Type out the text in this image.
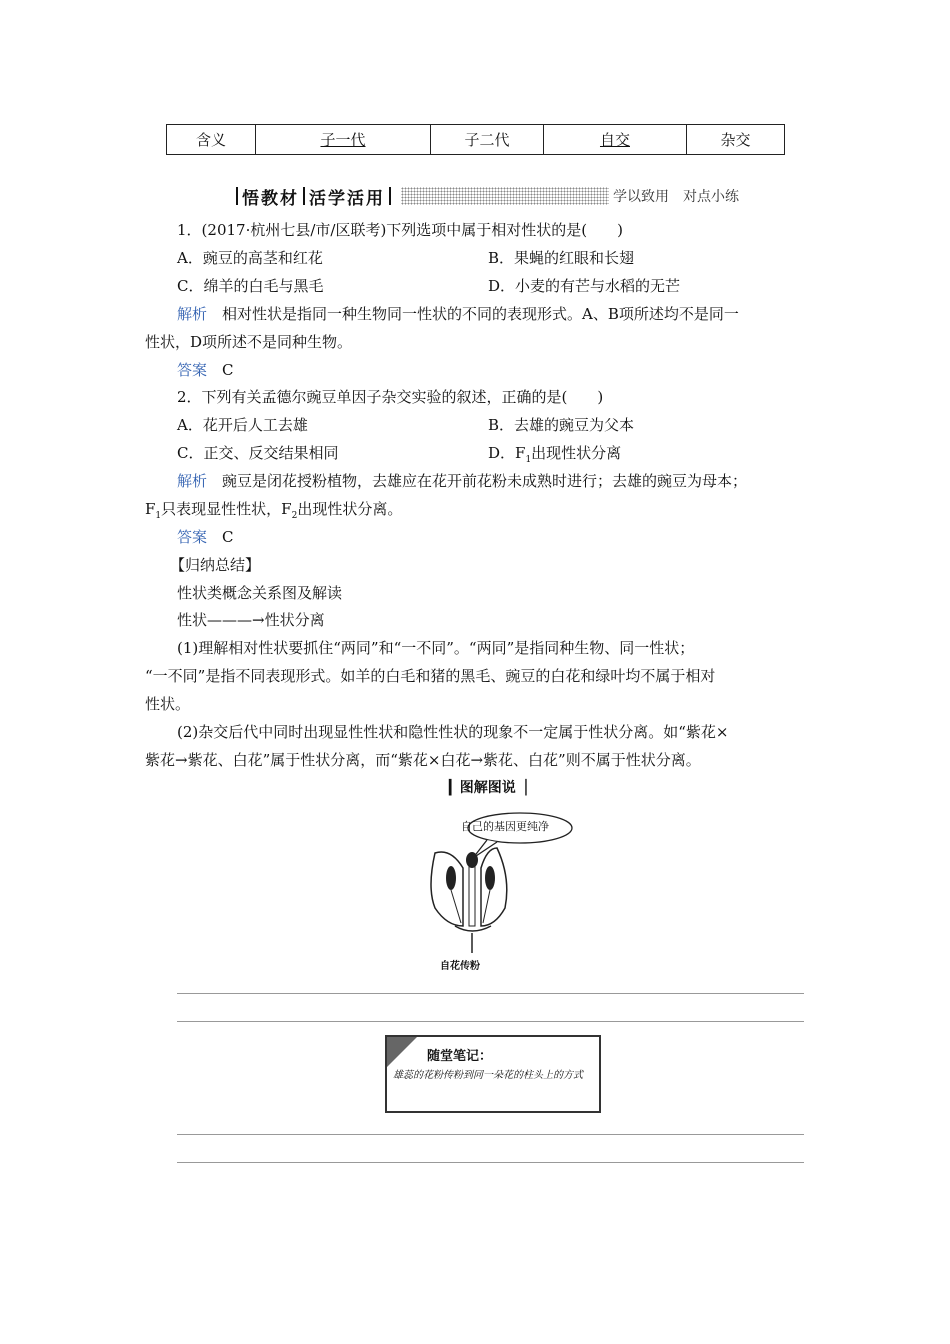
含义	子一代	子二代	自交	杂交
悟教材 活学活用	学以致用　对点小练
1．(2017·杭州七县/市/区联考)下列选项中属于相对性状的是(　　)
A．豌豆的高茎和红花	B．果蝇的红眼和长翅
C．绵羊的白毛与黑毛	D．小麦的有芒与水稻的无芒
解析　 相对性状是指同一种生物同一性状的不同的表现形式。A、B项所述均不是同一
性状，D项所述不是同种生物。
答案　 C
2．下列有关孟德尔豌豆单因子杂交实验的叙述，正确的是(　　)
A．花开后人工去雄	B．去雄的豌豆为父本
C．正交、反交结果相同	D．$F_1$出现性状分离
解析　 豌豆是闭花授粉植物，去雄应在花开前花粉未成熟时进行；去雄的豌豆为母本；
$F_1$只表现显性性状，$F_2$出现性状分离。
答案　 C
【归纳总结】
性状类概念关系图及解读
性状———→性状分离
(1)理解相对性状要抓住“两同”和“一不同”。“两同”是指同种生物、同一性状；
“一不同”是指不同表现形式。如羊的白毛和猪的黑毛、豌豆的白花和绿叶均不属于相对
性状。
(2)杂交后代中同时出现显性性状和隐性性状的现象不一定属于性状分离。如“紫花×
紫花→紫花、白花”属于性状分离，而“紫花×白花→紫花、白花”则不属于性状分离。
▎图解图说▕
自己的基因更纯净
自花传粉
随堂笔记：
雄蕊的花粉传粉到同一朵花的柱头上的方式
